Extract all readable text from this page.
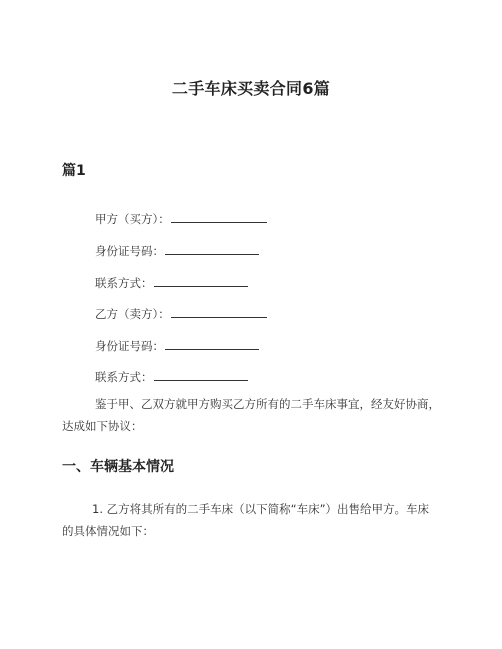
二手车床买卖合同6篇
篇1
甲方（买方）：
身份证号码：
联系方式：
乙方（卖方）：
身份证号码：
联系方式：
鉴于甲、乙双方就甲方购买乙方所有的二手车床事宜，经友好协商，达成如下协议：
一、车辆基本情况
1. 乙方将其所有的二手车床（以下简称“车床”）出售给甲方。车床的具体情况如下：
